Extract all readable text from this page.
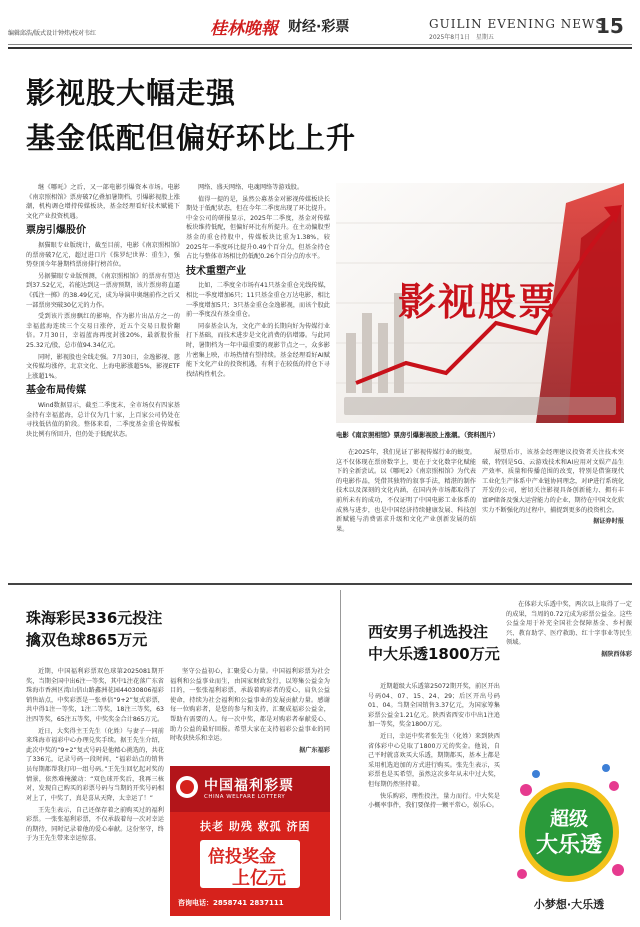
编辑邱浩/版式设计钟炜/校对韦红	桂林晚報 财经·彩票	GUILIN EVENING NEWS
2025年8月1日　星期五	15
影视股大幅走强
基金低配但偏好环比上升

继《哪吒》之后，又一部电影引爆资本市场。电影《南京照相馆》票房破7亿叠加暑期档，引爆影视股上涨潮，机构调仓增持传媒板块，基金经理看好技术赋能下文化产业投资机遇。

票房引爆股价

据猫眼专业版统计，截至目前，电影《南京照相馆》的票房破7亿元，超过进口片《侏罗纪世界：重生》，强势登顶今年暑期档票房排行榜首位。

另据猫眼专业版预测，《南京照相馆》的票房有望达到37.52亿元，若能达到这一票房预期，该片票房将直逼《孤注一掷》的38.49亿元，成为导演申奥继前作之后又一部票房突破30亿元的力作。

受到该片票房飘红的影响，作为影片出品方之一的幸福蓝海连续三个交易日涨停，近五个交易日股价翻倍。7月30日，幸福蓝海再度封涨20%，最新股价报25.32元/股，总市值94.34亿元。

同时，影视股也全线走强。7月30日，金逸影视、慈文传媒均涨停，北京文化、上海电影涨超5%，影视ETF上涨超1%。

基金布局传媒

Wind数据显示，截至二季度末，全市场仅有四家基金持有幸福蓝海，总计仅为几十家，上百家公司仍处在寻找低估值的阶段。整体来看，二季度基金重仓传媒板块比例有所回升，但仍处于低配状态。

网络、盛天网络、电魂网络等游戏股。

值得一提的是，虽然公募基金对影视传媒板块长期处于低配状态，但在今年二季度出现了环比提升。中金公司的研报显示，2025年二季度，基金对传媒板块维持低配，但偏好环比有所提升。在主动偏股型基金的重仓持股中，传媒板块比重为1.38%，较2025年一季度环比提升0.49个百分点，但基金持仓占比与整体市场相比仍低配0.26个百分点的水平。

技术重塑产业

比如，二季度全市场有41只基金重仓光线传媒，相比一季度增加6只；11只基金重仓万达电影，相比一季度增加5只；3只基金重仓金逸影视，而该个股此前一季度没有基金重仓。

同泰基金认为，文化产业的长期向好为传媒行业打下基础，而技术进步是文化消费的倍增器。与此同时，暑期档为一年中最重要的观影节点之一，众多影片密集上映，市场热情有望持续。基金经理看好AI赋能下文化产业的投资机遇，有利于在较低的持仓下寻找结构性机会。

影视股票
电影《南京照相馆》票房引爆影视股上涨潮。（资料图片）

在2025年，我们见证了影视传媒行业的蜕变。这不仅体现在票房数字上，更在于文化数字化赋能下的全新尝试。以《哪吒2》《南京照相馆》为代表的电影作品，凭借其独特的叙事手法，精湛的制作技术以及深刻的文化内涵，在国内外市场都取得了前所未有的成功，不仅证明了中国电影工业体系的成熟与进步，也是中国经济持续健康发展、科技创新赋能与消费需求升级和文化产业创新发展的结果。

展望后市，该基金经理建议投资者关注技术突破，特别是5G、云游戏技术和AI应用对文娱产品生产效率、质量和传播范围的改变，特别是借鉴现代工业化生产体系中产业链协同理念，对IP进行系统化开发的公司，密切关注影视具备创新能力、拥有丰富IP储备及强大运营能力的企业，期待在中国文化软实力不断强化的过程中，捕捉到更多的投资机会。

据证券时报

珠海彩民336元投注
擒双色球865万元

近期，中国福利彩票双色球第2025081期开奖，当期全国中出6注一等奖，其中1注花落广东省珠海市香洲区湾山信山路鑫洲花园44030806福彩销售站点，中奖彩票是一张单倍“9+2”复式彩票，共中得1注一等奖，1注二等奖，18注三等奖，63注四等奖，65注五等奖，中奖奖金合计865万元。

近日，大奖得主王先生（化姓）与妻子一同前来珠海市福彩中心办理兑奖手续。据王先生介绍，此次中奖的“9+2”复式号码是他精心挑选的，共花了336元，记录号码一段时间，“福彩站点的销售员每期都帮我打印一组号码。”王先生回忆起对奖的情景，依然难掩激动：“双色球开奖后，我再三核对，发现自己购买的彩票号码与当期的开奖号码相对上了，中奖了，真是喜从天降，太幸运了！”

王先生表示，自己还保存着之前购买过的福利彩票。一张张福利彩票，不仅承载着每一次对幸运的期待，同时记录着他的爱心奉献。这份坚守，终于为王先生带来幸运惊喜。

坚守公益初心，汇聚爱心力量。中国福利彩票为社会福利和公益事业而生，由国家财政发行，以筹集公益金为目的，一张张福利彩票，承载着购彩者的爱心，肩负公益使命，持续为社会福利和公益事业的发展贡献力量。感谢每一位购彩者，是您的参与和支持，汇聚成福彩公益金，帮助有需要的人。每一次中奖，都是对购彩者奉献爱心、助力公益的最好回报。希望大家在支持福彩公益事业的同时收获快乐和幸运。

据广东福彩

中国福利彩票
CHINA WELFARE LOTTERY
扶老 助残 救孤 济困
倍投奖金
上亿元
咨询电话：2858741 2837111
西安男子机选投注
中大乐透1800万元

近期超级大乐透第25072期开奖，前区开出号码04、07、15、24、29；后区开出号码01、04。当期全国销售3.37亿元，为国家筹集彩票公益金1.21亿元。陕西省西安市中出1注追加一等奖，奖金1800万元。

近日，幸运中奖者张先生（化姓）来到陕西省体彩中心兑取了1800万元的奖金。他说，自己平时就喜欢买大乐透，期期都买，基本上都是采用机选追加的方式进行购买。张先生表示，买彩票也是买希望，虽然这次多年从未中过大奖，但每期仍然坚持着。

快乐购彩，理性投注，量力而行。中大奖是小概率事件，我们要保持一颗平常心，娱乐心。

在体彩大乐透中奖，两次以上取得了一定的成果，当周的0.72元成为彩票公益金。这些公益金用于补充全国社会保障基金、乡村振兴、教育助学、医疗救助、红十字事业等民生领域。

据陕西体彩

超级
大乐透
小梦想·大乐透
